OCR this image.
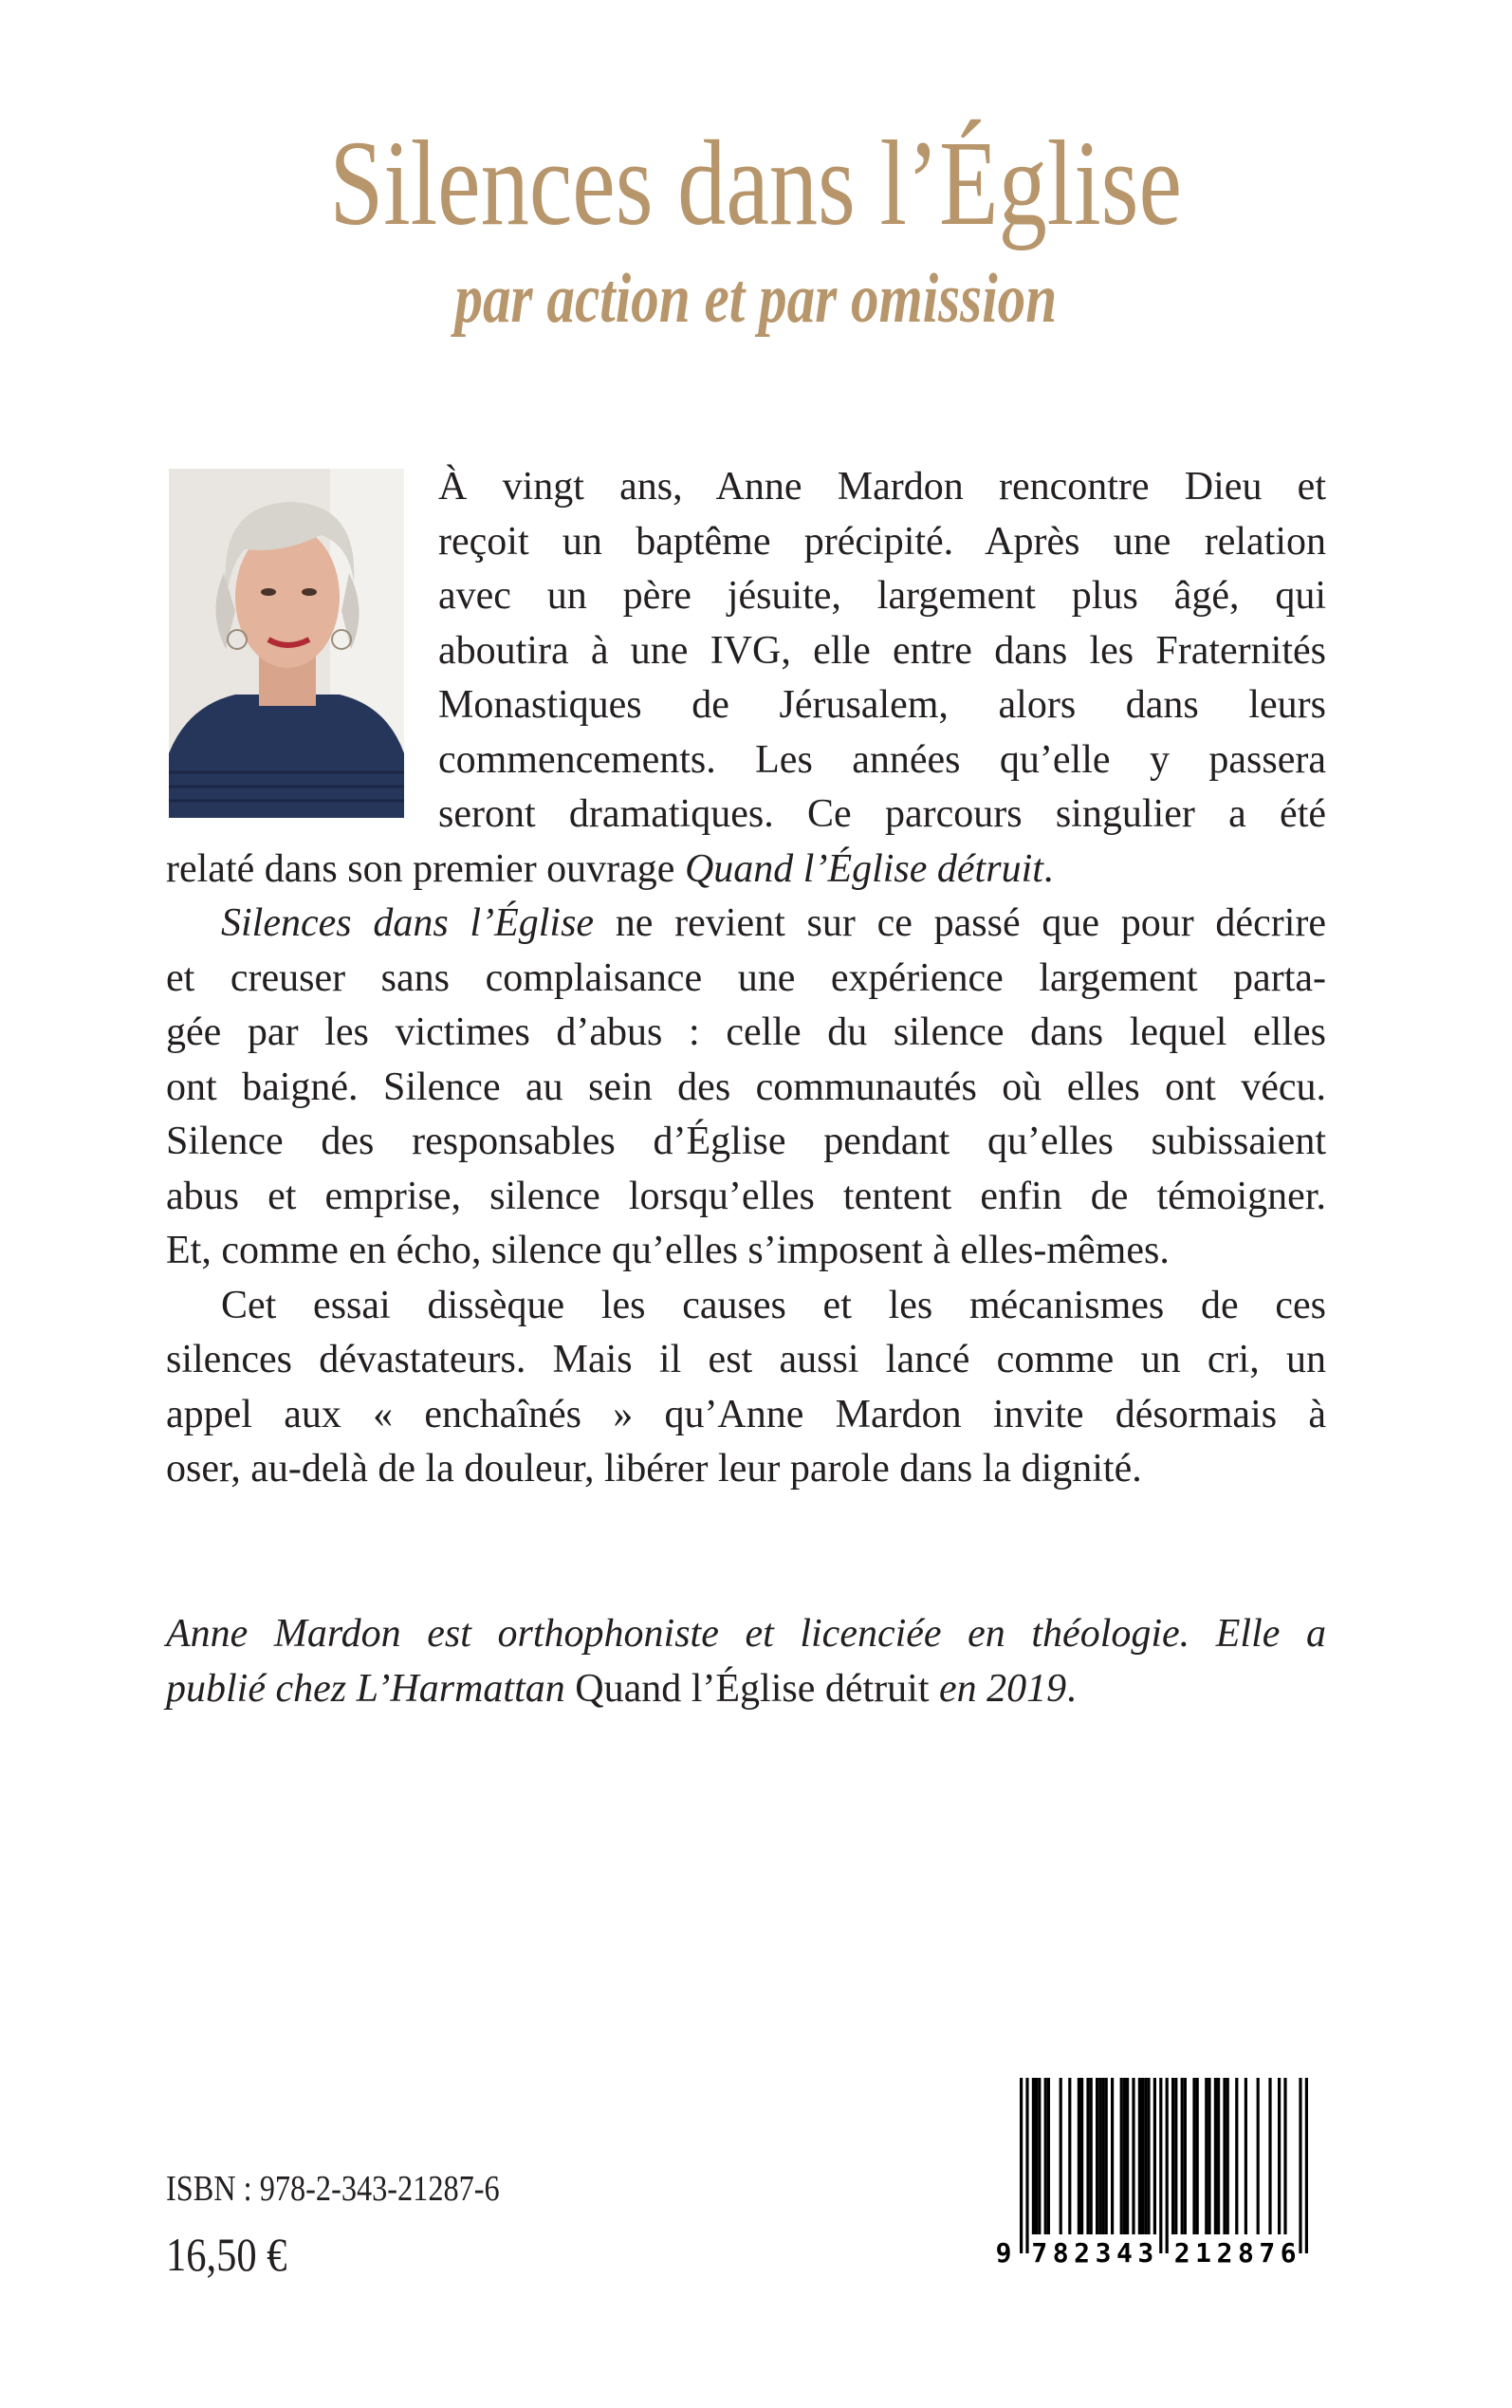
Silences dans l’Église
par action et par omission
À vingt ans, Anne Mardon rencontre Dieu et
reçoit un baptême précipité. Après une relation
avec un père jésuite, largement plus âgé, qui
aboutira à une IVG, elle entre dans les Fraternités
Monastiques de Jérusalem, alors dans leurs
commencements. Les années qu’elle y passera
seront dramatiques. Ce parcours singulier a été
relaté dans son premier ouvrage Quand l’Église détruit.
Silences dans l’Église ne revient sur ce passé que pour décrire
et creuser sans complaisance une expérience largement parta-
gée par les victimes d’abus : celle du silence dans lequel elles
ont baigné. Silence au sein des communautés où elles ont vécu.
Silence des responsables d’Église pendant qu’elles subissaient
abus et emprise, silence lorsqu’elles tentent enfin de témoigner.
Et, comme en écho, silence qu’elles s’imposent à elles-mêmes.
Cet essai dissèque les causes et les mécanismes de ces
silences dévastateurs. Mais il est aussi lancé comme un cri, un
appel aux « enchaînés » qu’Anne Mardon invite désormais à
oser, au-delà de la douleur, libérer leur parole dans la dignité.
Anne Mardon est orthophoniste et licenciée en théologie. Elle a
publié chez L’Harmattan Quand l’Église détruit en 2019.
ISBN : 978-2-343-21287-6
16,50 €	9 7 8 2 3 4 3 2 1 2 8 7 6
